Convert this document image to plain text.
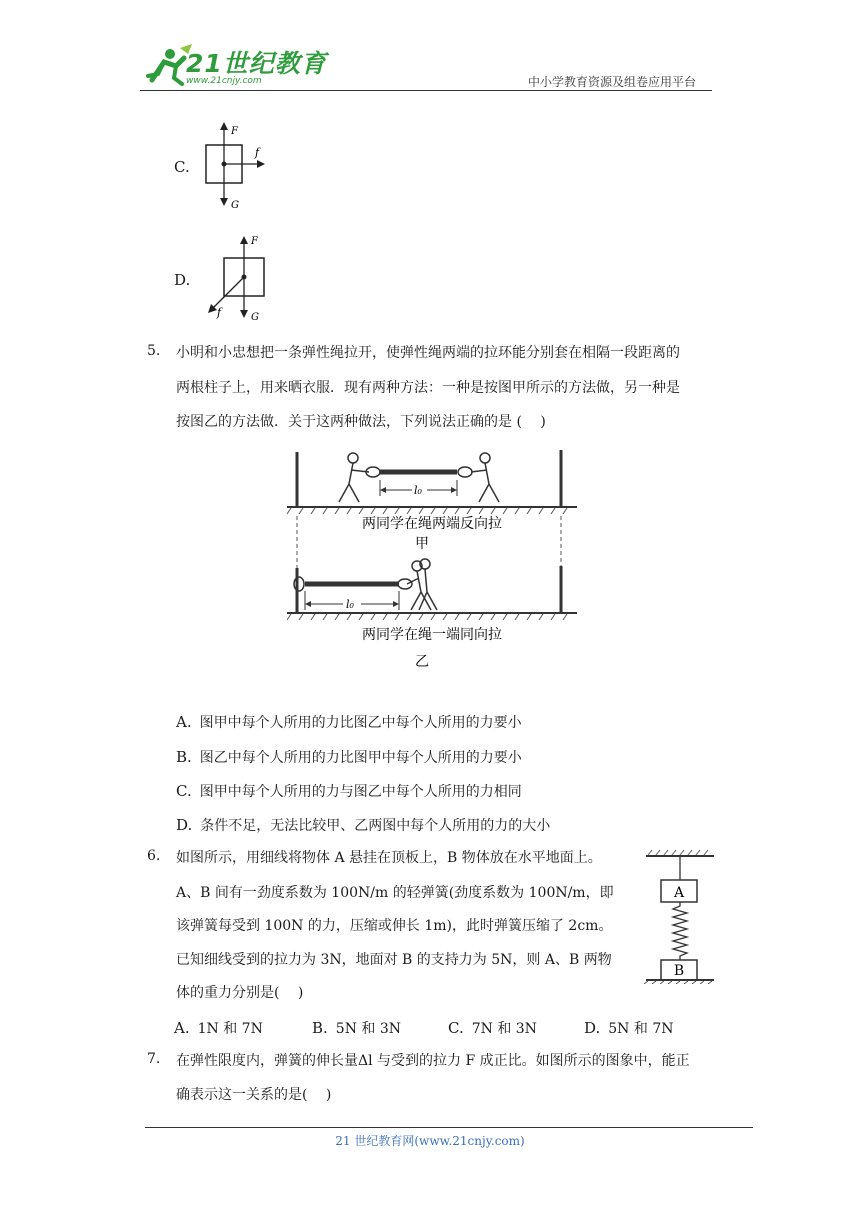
21世纪教育
www.21cnjy.com	中小学教育资源及组卷应用平台
C.
F
G
f
D.
F
G
f
5. 小明和小忠想把一条弹性绳拉开，使弹性绳两端的拉环能分别套在相隔一段距离的
两根柱子上，用来晒衣服．现有两种方法：一种是按图甲所示的方法做，另一种是
按图乙的方法做．关于这两种做法，下列说法正确的是 (　 )
l₀
两同学在绳两端反向拉
甲
l₀
两同学在绳一端同向拉
乙
A. 图甲中每个人所用的力比图乙中每个人所用的力要小
B. 图乙中每个人所用的力比图甲中每个人所用的力要小
C. 图甲中每个人所用的力与图乙中每个人所用的力相同
D. 条件不足，无法比较甲、乙两图中每个人所用的力的大小
6. 如图所示，用细线将物体 A 悬挂在顶板上，B 物体放在水平地面上。
A、B 间有一劲度系数为 100N/m 的轻弹簧(劲度系数为 100N/m，即
该弹簧每受到 100N 的力，压缩或伸长 1m)，此时弹簧压缩了 2cm。
已知细线受到的拉力为 3N，地面对 B 的支持力为 5N，则 A、B 两物
体的重力分别是(　 )
A
B
A. 1N 和 7N	B. 5N 和 3N	C. 7N 和 3N	D. 5N 和 7N
7. 在弹性限度内，弹簧的伸长量Δl 与受到的拉力 F 成正比。如图所示的图象中，能正
确表示这一关系的是(　 )
21 世纪教育网(www.21cnjy.com)
